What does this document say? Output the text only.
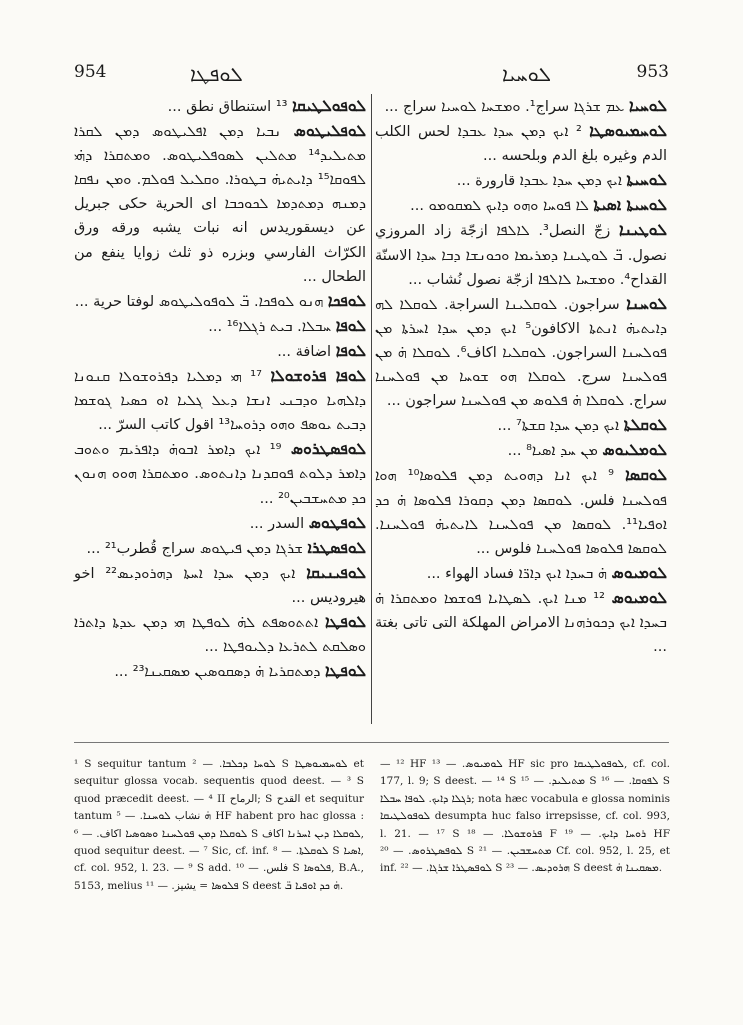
954	ܠܘܦܛܐ	ܠܘܚܝܐ	953

ܠܘܦܘܠܛܝܩܐ ¹³ استنطاق نطق ...

ܠܘܦܠܝܛܘܣ ܢܒܝܐ ܕܡܢ ܐܦܠܝܛܘܣ ܕܡܢ ܠܩܪܐ ܡܬܝܠܝܕ¹⁴ ܡܬܠܝܢ ܠܣܘܦܠܝܛܘܣ. ܘܡܬܩܪܐ ܕܗ̇ܝ ܠܦܘܩܐ¹⁵ ܕܐܝܬܝܗ̇ ܒܛܘܪܐ. ܘܩܠܝܠ ܦܘܠܡ. ܘܡܢ ܢܦܩܐ ܕܡܢܗ ܕܡܬܕܡܐ ܠܟܘܟܒܐ اى الحرية حكى جبريل عن ديسقوريدس انه نبات يشبه ورقه ورق الكرّاث الفارسي وبزره ذو ثلث زوايا ينفع من الطحال ...

ܠܘܦܟܐ ܗܢܘ ܠܘܦܟܐ. ܒ̈ ܠܘܦܘܠܝܛܘܣ لوفتا حرية ...

ܠܘܦܐ ܚܒܠܐ. ܒܝܬ ܪܓܠܐ¹⁶ ...

ܠܘܦܐ اضافة ...

ܠܘܦܐ ܦܪܘܫܘܠܐ ¹⁷ ܗܝ ܕܡܠܝܐ ܕܦܪܘܫܘܠܐ ܩܢܘܢܐ ܕܐܠܗܝܐ ܘܕܒܢܝ ܐܢܫܐ ܕܥܠ ܓܠܝܐ ܐܘ ܟܣܝܐ ܓܘܫܡܐ ܕܒܝܬ ܝܘܣܦ ܘܗܘ ܕܪܘܚܐ¹³ اقول كاتب السرّ ...

ܠܘܦܣܛܪܘܣ ¹⁹ ܐܝܟ ܕܐܡܪ ܐܒܘܗ̇ ܕܐܦܪܝܡ ܘܬܘܒ ܕܐܡܪ ܕܠܘܬ ܦܘܩܕܢܐ ܕܐܢܬܘܣ. ܘܡܬܩܪܐ ܗܘܘ ܗܢܘܢ ܟܕ ܡܬܚܫܒܝܢ²⁰ ...

ܠܘܦܛܘܣ السدر ...

ܠܘܦܣܛܪܐ ܫܪܓܐ ܕܡܢ ܦܝܛܘܣ سراج قُطرب²¹ ...

ܠܘܦܝܢܝܩܐ ܐܝܟ ܕܡܢ ܚܕܐ ܐܚܬܐ ܕܗܪܘܕܝܣ²² اخو هيروديس ...

ܠܘܦܛܐ ܐܬܬܘܣܦܬ ܠܗ̇ ܠܘܦܛܐ ܗܝ ܕܡܢ ܥܕܬܐ ܕܐܬܪܐ ܘܣܠܩܬ ܠܬܪܥܐ ܕܠܝܘܦܛܐ ...

ܠܘܦܛܐ ܕܡܬܩܪܝܐ ܗ̇ ܕܣܩܘܣܝܢ ܡܣܩܝܢܐ²³ ...

ܠܘܚܝܐ ܥܡ ܫܪܓܐ سراج¹. ܘܡܫܚܐ ܠܘܚܝܐ سراج ...

ܠܘܚܡܝܘܣܛܐ ² ܐܝܟ ܕܡܢ ܚܕܐ ܥܒܕܐ لحس الكلب الدم وغيره بلغ الدم وبلحسه ...

ܠܘܚܝܬܐ ܐܝܟ ܕܡܢ ܚܕܐ ܥܒܕܐ قارورة ...

ܠܘܚܝܬܐ ܐܣܝܬܐ ܠܐ ܦܘܚܐ ܘܗܘ ܕܐܝܟ ܠܡܩܘܡܘ ...

ܠܘܛܝܢܐ زجّ النصل³. ܠܐܠܦܐ ازجّة زاد المروزي نصول. ܒ̈ ܠܘܛܝܢܐ ܕܡܪܝܡܐ ܘܟܘܢܫܐ ܕܒܐ ܚܕܐ الاسنّة القداح⁴. ܘܡܫܚܐ ܠܐܠܦܐ ازجّة نصول نُشاب ...

ܠܘܚܢܐ سراجون. ܠܘܩܠܝܢܐ السراجة. ܠܘܩܠܐ ܠܗ ܕܐܝܬܝܗ̇ ܐܢܬܬܐ الاكافون⁵ ܐܝܟ ܕܡܢ ܚܕܐ ܐܚܪܬܐ ܡܢ ܦܘܠܚܢܐ السراجون. ܠܘܩܠܝܐ اكاف⁶. ܠܘܩܠܐ ܗ̇ ܡܢ ܦܘܠܚܢܐ سرج. ܠܘܩܠܐ ܗܘ ܫܘܚܐ ܡܢ ܦܘܠܚܢܐ سراج. ܠܘܩܠܐ ܗ̇ ܦܠܘܣ ܡܢ ܦܘܠܚܢܐ سراجون ...

ܠܘܩܠܬܐ ܐܝܟ ܕܡܢ ܚܕܐ ܩܫܬܐ⁷ ...

ܠܘܡܠܝܘܣ ܡܢ ܚܕ ܐܣܝܐ⁸ ...

ܠܘܩܣܐ ⁹ ܐܝܟ ܐܢܐ ܕܗܘܝܬ ܕܡܢ ܦܠܘܣܐ¹⁰ ܗܘܐ ܦܘܠܚܢܐ فلس. ܠܘܩܣܐ ܕܡܢ ܕܩܘܪܐ ܦܠܘܣܐ ܗ̇ ܟܕ ܐܘܦܝܐ¹¹. ܠܘܩܣܐ ܡܢ ܦܘܠܚܢܐ ܠܐܝܬܝܗ̇ ܦܘܠܚܢܐ. ܠܘܩܣܐ ܦܠܘܣܐ ܦܘܠܚܢܐ فلوس ...

ܠܘܡܝܘܣ ܗ̇ ܒܚܕܐ ܐܝܟ ܕܐܪ̈ܐ فساد الهواء ...

ܠܘܡܝܘܣ ¹² ܡܢܐ ܐܝܟ. ܠܣܛܐܝܐ ܦܘܫܡܐ ܘܡܬܩܪܐ ܗ̇ ܒܚܕܐ ܐܝܟ ܕܟܘܪܗܢܐ الامراض المهلكة التى تاتى بغتة ...

¹ S sequitur tantum ܠܘܚܐ ܕܟܠܒܐ. — ² S ܠܘܚܡܝܘܣܛܐ et sequitur glossa vocab. sequentis quod deest. — ³ S quod præcedit deest. — ⁴ II الرماح; S القدح et sequitur tantum ܗ̇ نشاب ܠܘܚܢܐ. — ⁵ HF habent pro hac glossa : ܠܘܩܠܐ ܕܡܢ ܦܘܠܚܢܐ ܘܣܘܣܝܐ اكاف. — ⁶ S ܠܘܩܠܐ ܕܝܢ ܐܚܪܢܐ اكاف, quod sequitur deest. — ⁷ Sic, cf. inf. ܠܘܩܠܬܐ. — ⁸ S ܐܣܝܐ, cf. col. 952, l. 23. — ⁹ S add. فلس. — ¹⁰ S ܦܠܘܣܐ, B.A., 5153, melius ܦܠܘܣܐ = يشيز. — ¹¹ S deest ܗ̇ ܟܕ ܐܘܦܝܐ ܒ̈.

— ¹² HF ܠܘܡܝܘܣ. — ¹³ HF sic pro ܠܘܦܘܠܛܝܩܐ, cf. col. 177, l. 9; S deest. — ¹⁴ S ܡܬܝܠܝܕ. — ¹⁵ S ܠܦܘܩܐ. — ¹⁶ S ܪܓܠܐ ܕܐܝܟ. ܠܘܦܐ ܚܒܠܐ; nota hæc vocabula e glossa nominis ܠܘܦܘܠܛܝܩܐ desumpta huc falso irrepsisse, cf. col. 993, l. 21. — ¹⁷ S ܦܪܘܫܘܠܐ. — ¹⁸ F ܪܘܚܐ ܕܐܝܟ. — ¹⁹ HF ܠܘܦܣܛܪܘܣ. — ²⁰ S ܡܬܚܫܒܝܢ. — ²¹ Cf. col. 952, l. 25, et inf. ܠܘܦܣܛܪܐ ܫܪܓܐ. — ²² S ܗܪܘܕܝܣ. — ²³ S deest ܡܣܩܝܢܐ ܗ̇.
